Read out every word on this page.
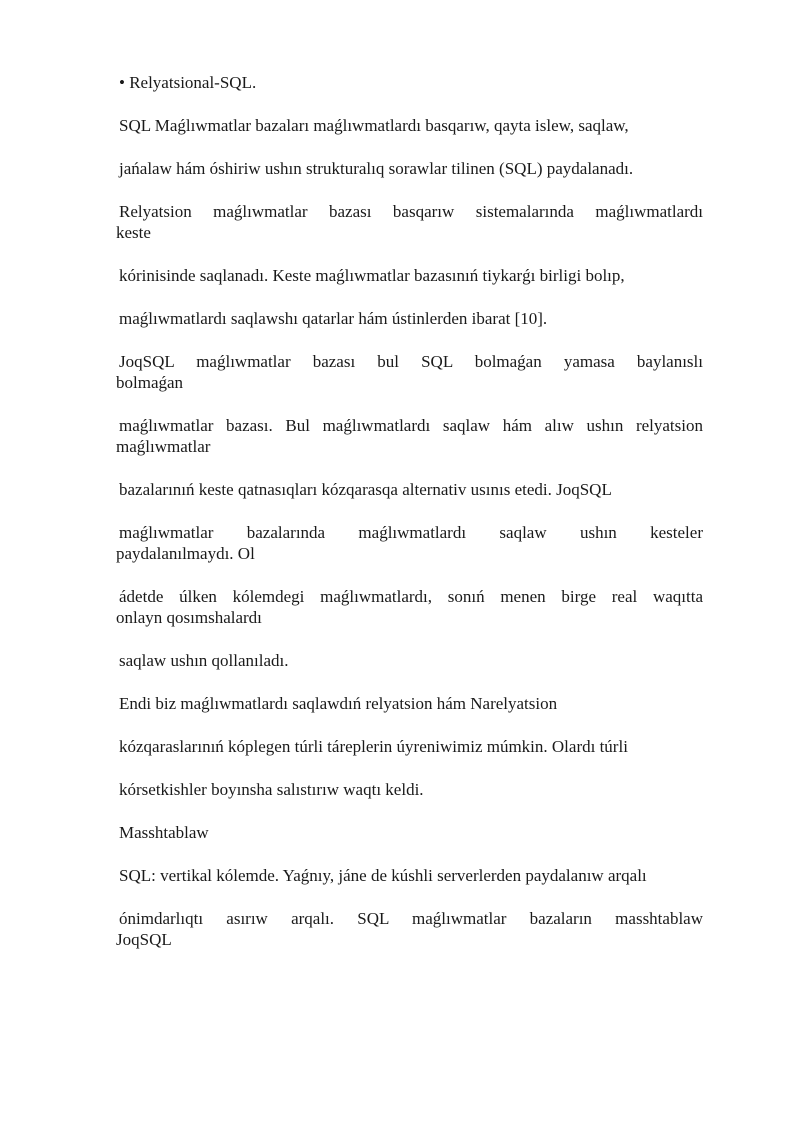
• Relyatsional-SQL.
SQL Maǵlıwmatlar bazaları maǵlıwmatlardı basqarıw, qayta islew, saqlaw,
jańalaw hám óshiriw ushın strukturalıq sorawlar tilinen (SQL) paydalanadı.
Relyatsion maǵlıwmatlar bazası basqarıw sistemalarında maǵlıwmatlardı
keste
kórinisinde saqlanadı. Keste maǵlıwmatlar bazasınıń tiykarǵı birligi bolıp,
maǵlıwmatlardı saqlawshı qatarlar hám ústinlerden ibarat [10].
JoqSQL maǵlıwmatlar bazası bul SQL bolmaǵan yamasa baylanıslı
bolmaǵan
maǵlıwmatlar bazası. Bul maǵlıwmatlardı saqlaw hám alıw ushın relyatsion
maǵlıwmatlar
bazalarınıń keste qatnasıqları kózqarasqa alternativ usınıs etedi. JoqSQL
maǵlıwmatlar bazalarında maǵlıwmatlardı saqlaw ushın kesteler
paydalanılmaydı. Ol
ádetde úlken kólemdegi maǵlıwmatlardı, sonıń menen birge real waqıtta
onlayn qosımshalardı
saqlaw ushın qollanıladı.
Endi biz maǵlıwmatlardı saqlawdıń relyatsion hám Narelyatsion
kózqaraslarınıń kóplegen túrli táreplerin úyreniwimiz múmkin. Olardı túrli
kórsetkishler boyınsha salıstırıw waqtı keldi.
Masshtablaw
SQL: vertikal kólemde. Yaǵnıy, jáne de kúshli serverlerden paydalanıw arqalı
ónimdarlıqtı asırıw arqalı. SQL maǵlıwmatlar bazaların masshtablaw
JoqSQL
